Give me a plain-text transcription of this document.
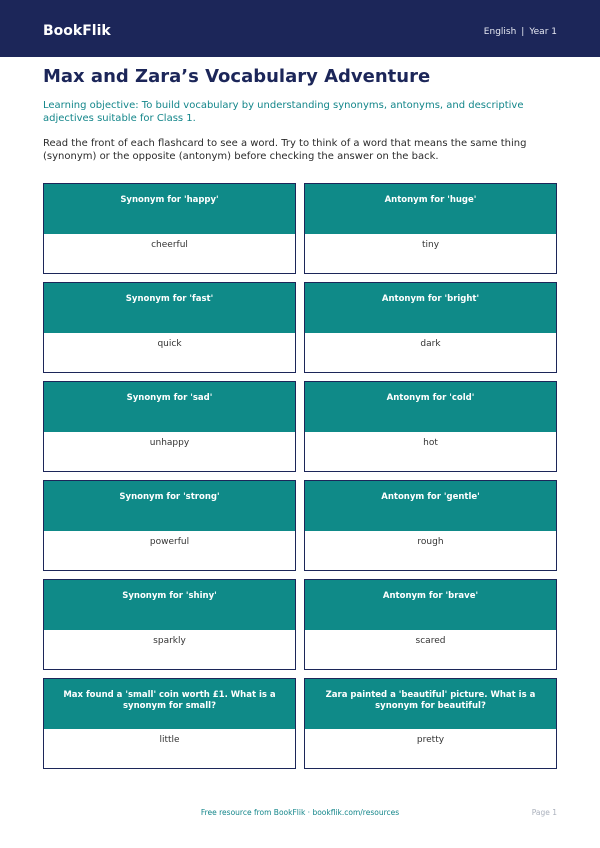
BookFlik	English | Year 1
Max and Zara’s Vocabulary Adventure

Learning objective: To build vocabulary by understanding synonyms, antonyms, and descriptive adjectives suitable for Class 1.

Read the front of each flashcard to see a word. Try to think of a word that means the same thing (synonym) or the opposite (antonym) before checking the answer on the back.

Synonym for 'happy'
cheerful
Antonym for 'huge'
tiny
Synonym for 'fast'
quick
Antonym for 'bright'
dark
Synonym for 'sad'
unhappy
Antonym for 'cold'
hot
Synonym for 'strong'
powerful
Antonym for 'gentle'
rough
Synonym for 'shiny'
sparkly
Antonym for 'brave'
scared
Max found a 'small' coin worth £1. What is a synonym for small?
little
Zara painted a 'beautiful' picture. What is a synonym for beautiful?
pretty
Free resource from BookFlik · bookflik.com/resources	Page 1
